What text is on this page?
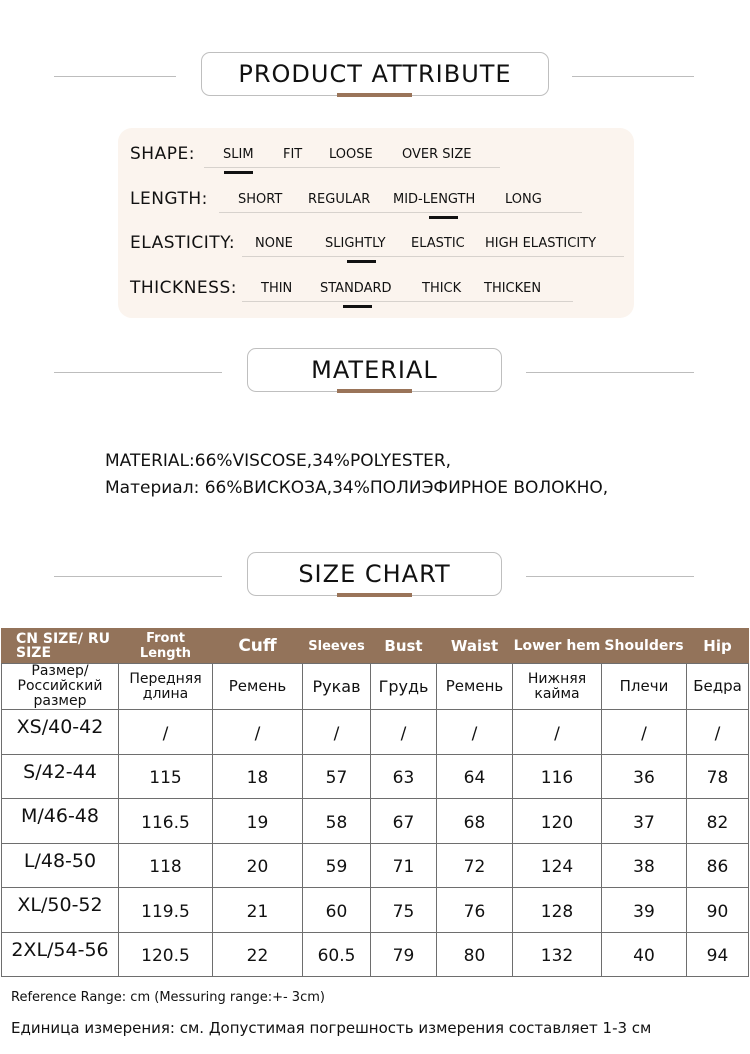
PRODUCT ATTRIBUTE
SHAPE: SLIM FIT LOOSE OVER SIZE
LENGTH: SHORT REGULAR MID-LENGTH LONG
ELASTICITY: NONE SLIGHTLY ELASTIC HIGH ELASTICITY
THICKNESS: THIN STANDARD THICK THICKEN
MATERIAL
MATERIAL:66%VISCOSE,34%POLYESTER,
Материал: 66%ВИСКОЗА,34%ПОЛИЭФИРНОЕ ВОЛОКНО,
SIZE CHART
CN SIZE/ RU SIZE	Front Length	Cuff	Sleeves	Bust	Waist	Lower hem	Shoulders	Hip
Размер/ Российский размер	Передняя длина	Ремень	Рукав	Грудь	Ремень	Нижняя кайма	Плечи	Бедра
XS/40-42	/	/	/	/	/	/	/	/
S/42-44	115	18	57	63	64	116	36	78
M/46-48	116.5	19	58	67	68	120	37	82
L/48-50	118	20	59	71	72	124	38	86
XL/50-52	119.5	21	60	75	76	128	39	90
2XL/54-56	120.5	22	60.5	79	80	132	40	94
Reference Range: cm (Messuring range:+- 3cm)
Единица измерения: см. Допустимая погрешность измерения составляет 1-3 см
